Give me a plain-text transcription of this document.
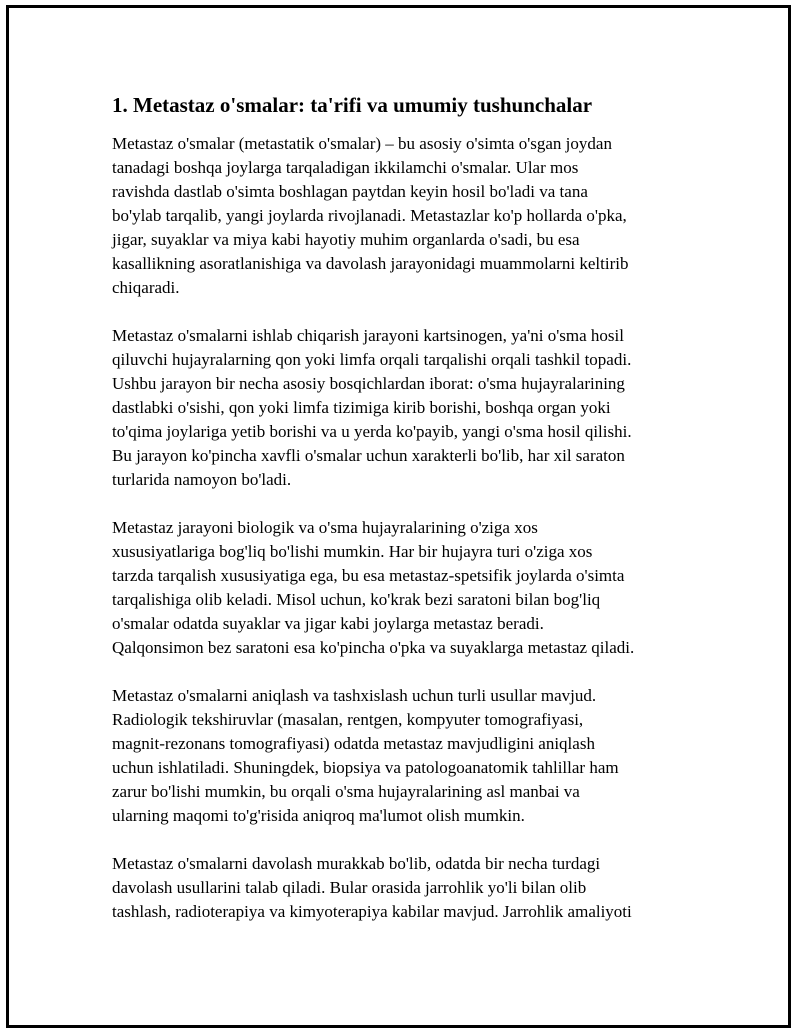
1. Metastaz o'smalar: ta'rifi va umumiy tushunchalar
Metastaz o'smalar (metastatik o'smalar) – bu asosiy o'simta o'sgan joydan
tanadagi boshqa joylarga tarqaladigan ikkilamchi o'smalar. Ular mos
ravishda dastlab o'simta boshlagan paytdan keyin hosil bo'ladi va tana
bo'ylab tarqalib, yangi joylarda rivojlanadi. Metastazlar ko'p hollarda o'pka,
jigar, suyaklar va miya kabi hayotiy muhim organlarda o'sadi, bu esa
kasallikning asoratlanishiga va davolash jarayonidagi muammolarni keltirib
chiqaradi.
Metastaz o'smalarni ishlab chiqarish jarayoni kartsinogen, ya'ni o'sma hosil
qiluvchi hujayralarning qon yoki limfa orqali tarqalishi orqali tashkil topadi.
Ushbu jarayon bir necha asosiy bosqichlardan iborat: o'sma hujayralarining
dastlabki o'sishi, qon yoki limfa tizimiga kirib borishi, boshqa organ yoki
to'qima joylariga yetib borishi va u yerda ko'payib, yangi o'sma hosil qilishi.
Bu jarayon ko'pincha xavfli o'smalar uchun xarakterli bo'lib, har xil saraton
turlarida namoyon bo'ladi.
Metastaz jarayoni biologik va o'sma hujayralarining o'ziga xos
xususiyatlariga bog'liq bo'lishi mumkin. Har bir hujayra turi o'ziga xos
tarzda tarqalish xususiyatiga ega, bu esa metastaz-spetsifik joylarda o'simta
tarqalishiga olib keladi. Misol uchun, ko'krak bezi saratoni bilan bog'liq
o'smalar odatda suyaklar va jigar kabi joylarga metastaz beradi.
Qalqonsimon bez saratoni esa ko'pincha o'pka va suyaklarga metastaz qiladi.
Metastaz o'smalarni aniqlash va tashxislash uchun turli usullar mavjud.
Radiologik tekshiruvlar (masalan, rentgen, kompyuter tomografiyasi,
magnit-rezonans tomografiyasi) odatda metastaz mavjudligini aniqlash
uchun ishlatiladi. Shuningdek, biopsiya va patologoanatomik tahlillar ham
zarur bo'lishi mumkin, bu orqali o'sma hujayralarining asl manbai va
ularning maqomi to'g'risida aniqroq ma'lumot olish mumkin.
Metastaz o'smalarni davolash murakkab bo'lib, odatda bir necha turdagi
davolash usullarini talab qiladi. Bular orasida jarrohlik yo'li bilan olib
tashlash, radioterapiya va kimyoterapiya kabilar mavjud. Jarrohlik amaliyoti
